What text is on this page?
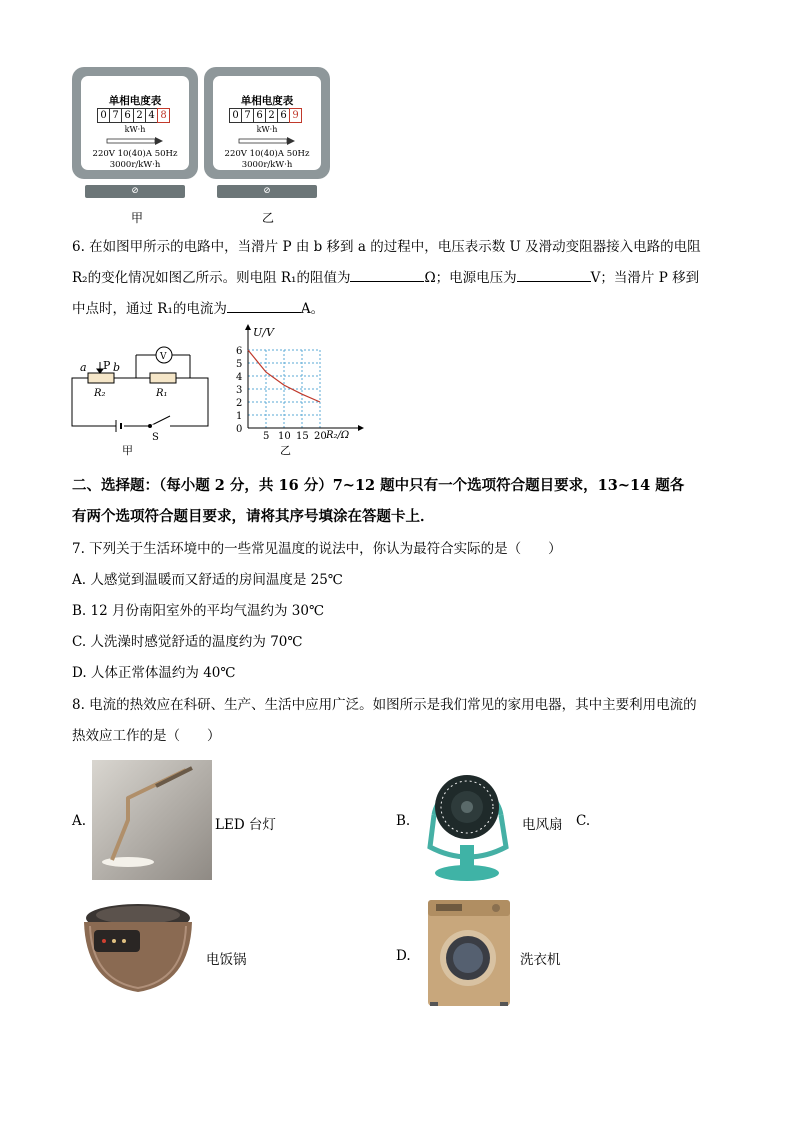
单相电度表
0 7 6 2 4 8
kW·h
220V 10(40)A 50Hz
3000r/kW·h
⊘
甲
单相电度表
0 7 6 2 6 9
kW·h
220V 10(40)A 50Hz
3000r/kW·h
⊘
乙
6. 在如图甲所示的电路中，当滑片 P 由 b 移到 a 的过程中，电压表示数 U 及滑动变阻器接入电路的电阻
R₂的变化情况如图乙所示。则电阻 R₁的阻值为	Ω；电源电压为	V；当滑片 P 移到
中点时，通过 R₁的电流为	A。
V
a P b
R₂	R₁
S
甲
5 10 15 20
1
2
3
4
5
6
U/V
R₂/Ω
0
乙
二、选择题：（每小题 2 分，共 16 分）7~12 题中只有一个选项符合题目要求，13~14 题各
有两个选项符合题目要求，请将其序号填涂在答题卡上．
7. 下列关于生活环境中的一些常见温度的说法中，你认为最符合实际的是（　　）
A. 人感觉到温暖而又舒适的房间温度是 25℃
B. 12 月份南阳室外的平均气温约为 30℃
C. 人洗澡时感觉舒适的温度约为 70℃
D. 人体正常体温约为 40℃
8. 电流的热效应在科研、生产、生活中应用广泛。如图所示是我们常见的家用电器，其中主要利用电流的
热效应工作的是（　　）
A.	LED 台灯	B.	电风扇 C.
电饭锅	D.	洗衣机
